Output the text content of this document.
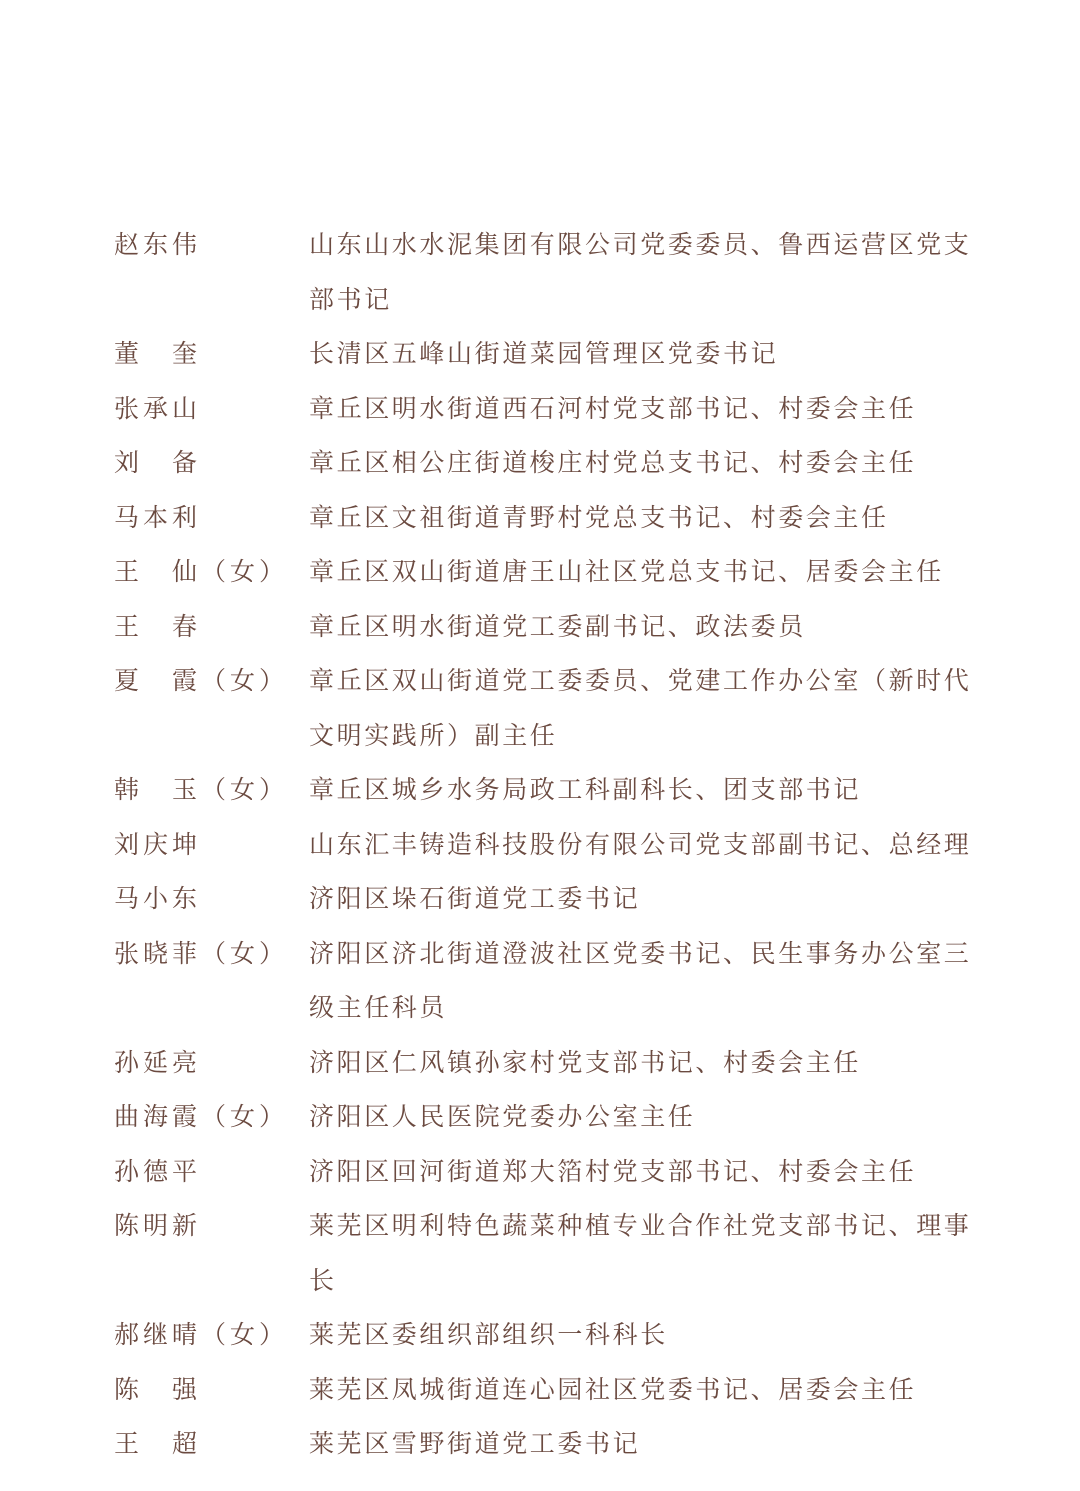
赵东伟	山东山水水泥集团有限公司党委委员、鲁西运营区党支部书记
董　奎	长清区五峰山街道菜园管理区党委书记
张承山	章丘区明水街道西石河村党支部书记、村委会主任
刘　备	章丘区相公庄街道梭庄村党总支书记、村委会主任
马本利	章丘区文祖街道青野村党总支书记、村委会主任
王　仙（女） 章丘区双山街道唐王山社区党总支书记、居委会主任
王　春	章丘区明水街道党工委副书记、政法委员
夏　霞（女） 章丘区双山街道党工委委员、党建工作办公室（新时代文明实践所）副主任
韩　玉（女） 章丘区城乡水务局政工科副科长、团支部书记
刘庆坤	山东汇丰铸造科技股份有限公司党支部副书记、总经理
马小东	济阳区垛石街道党工委书记
张晓菲（女） 济阳区济北街道澄波社区党委书记、民生事务办公室三级主任科员
孙延亮	济阳区仁风镇孙家村党支部书记、村委会主任
曲海霞（女） 济阳区人民医院党委办公室主任
孙德平	济阳区回河街道郑大箔村党支部书记、村委会主任
陈明新	莱芜区明利特色蔬菜种植专业合作社党支部书记、理事长
郝继晴（女） 莱芜区委组织部组织一科科长
陈　强	莱芜区凤城街道连心园社区党委书记、居委会主任
王　超	莱芜区雪野街道党工委书记
